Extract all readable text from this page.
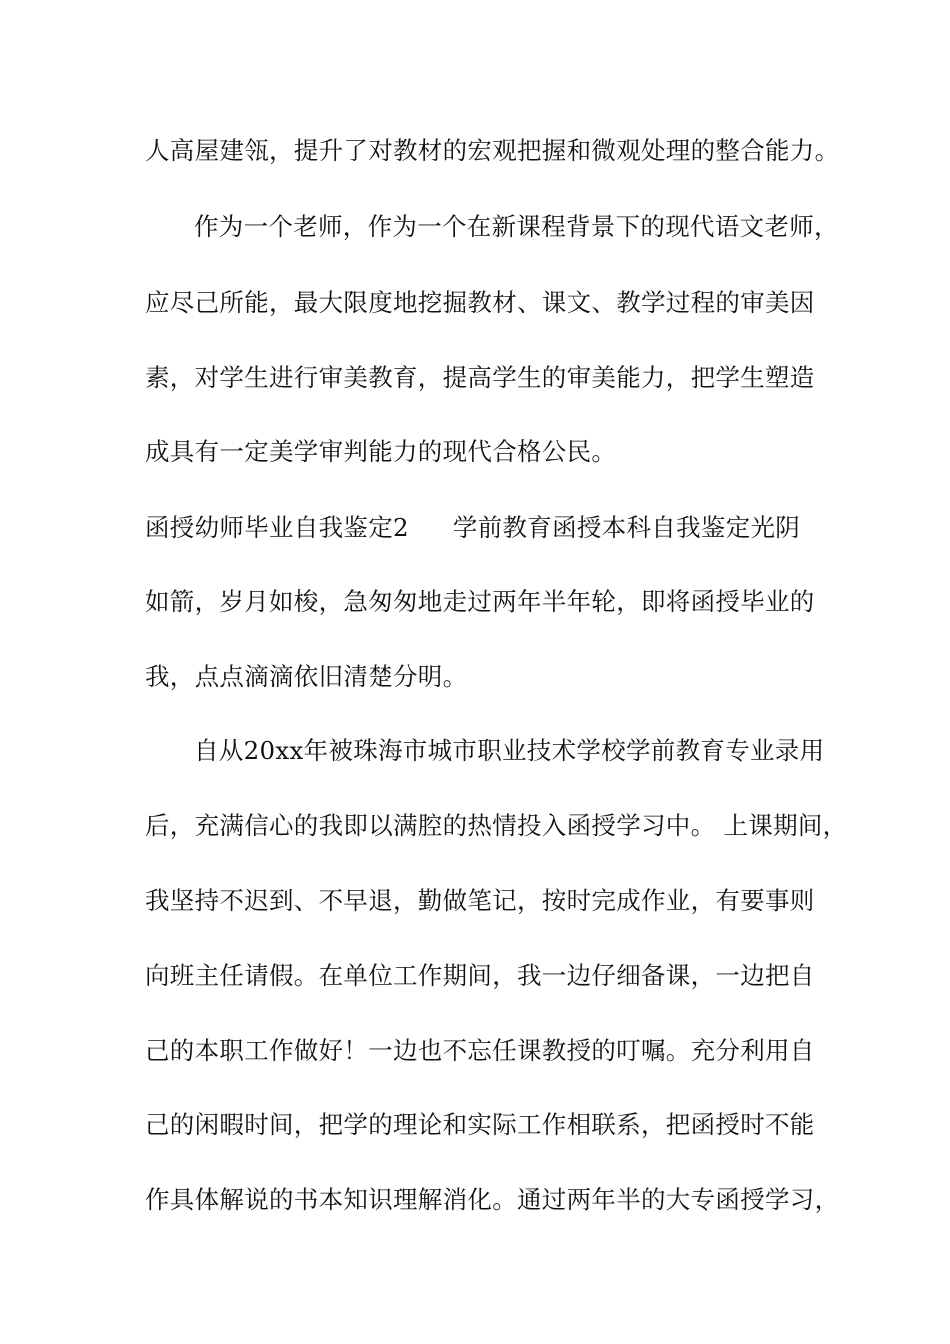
人高屋建瓴，提升了对教材的宏观把握和微观处理的整合能力。
作为一个老师，作为一个在新课程背景下的现代语文老师，
应尽己所能，最大限度地挖掘教材、课文、教学过程的审美因
素，对学生进行审美教育，提高学生的审美能力，把学生塑造
成具有一定美学审判能力的现代合格公民。
函授幼师毕业自我鉴定2 学前教育函授本科自我鉴定光阴
如箭，岁月如梭，急匆匆地走过两年半年轮，即将函授毕业的
我，点点滴滴依旧清楚分明。
自从20xx年被珠海市城市职业技术学校学前教育专业录用
后，充满信心的我即以满腔的热情投入函授学习中。 上课期间，
我坚持不迟到、不早退，勤做笔记，按时完成作业，有要事则
向班主任请假。在单位工作期间，我一边仔细备课，一边把自
己的本职工作做好！一边也不忘任课教授的叮嘱。充分利用自
己的闲暇时间，把学的理论和实际工作相联系，把函授时不能
作具体解说的书本知识理解消化。通过两年半的大专函授学习，
